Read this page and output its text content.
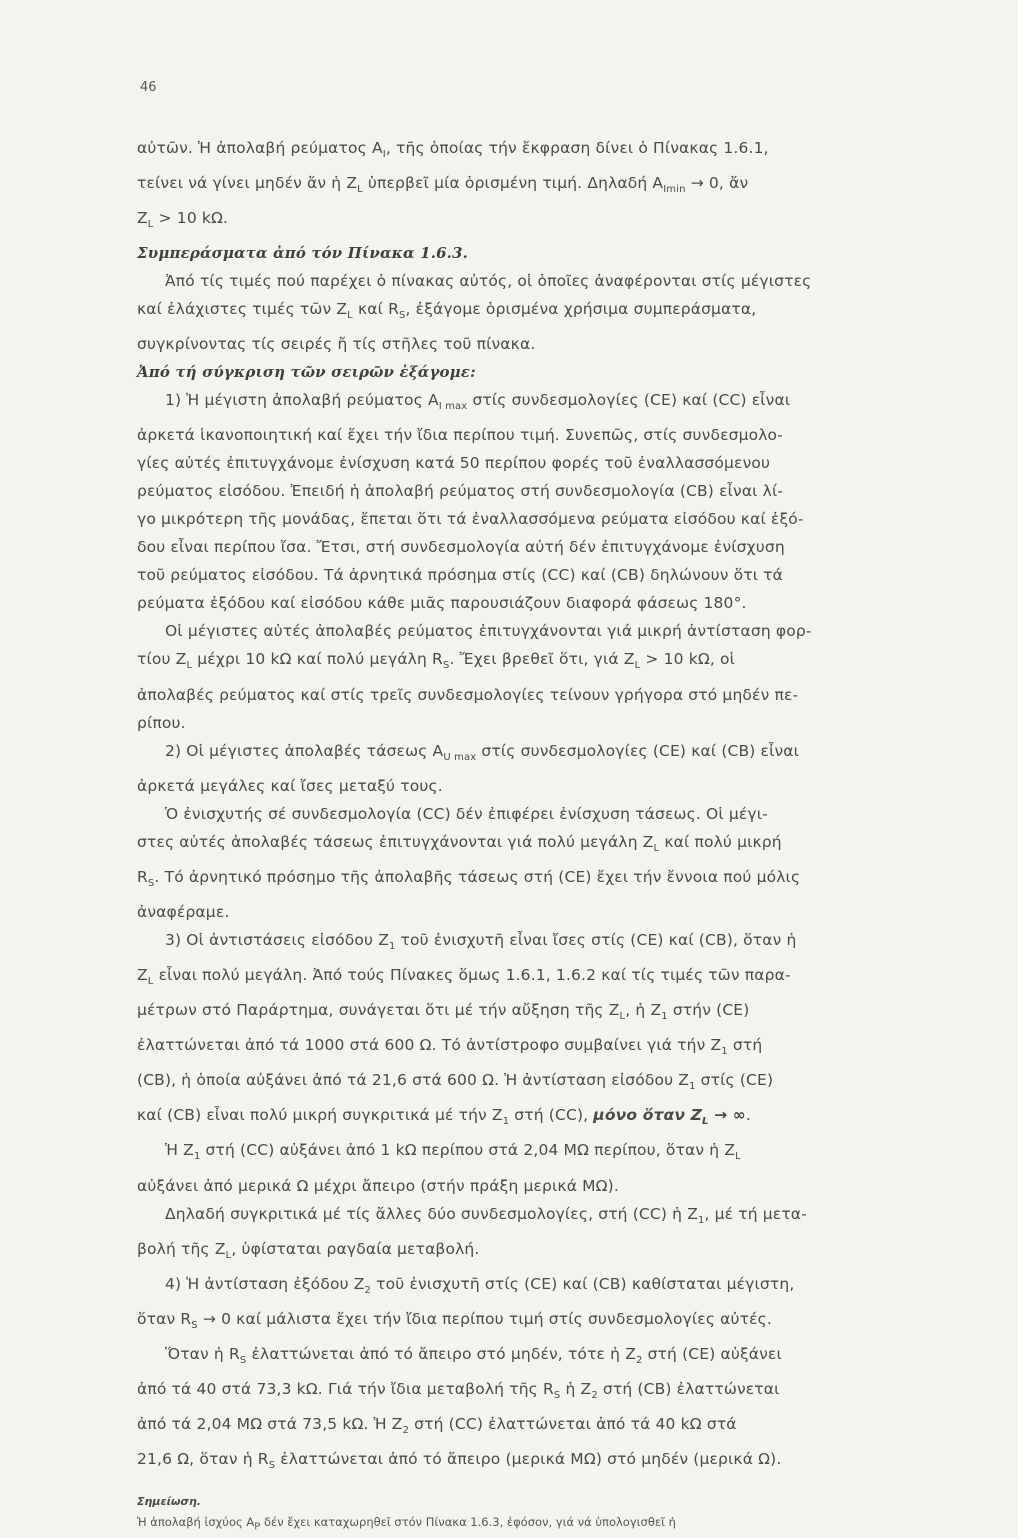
46
αὐτῶν. Ἡ ἀπολαβή ρεύματος $A_I$, τῆς ὁποίας τήν ἔκφραση δίνει ὁ Πίνακας 1.6.1,
τείνει νά γίνει μηδέν ἄν ἡ $Z_L$ ὑπερβεῖ μία ὁρισμένη τιμή. Δηλαδή $A_{Imin} \to 0$, ἄν
$Z_L > 10$ kΩ.
Συμπεράσματα ἀπό τόν Πίνακα 1.6.3.
Ἀπό τίς τιμές πού παρέχει ὁ πίνακας αὐτός, οἱ ὁποῖες ἀναφέρονται στίς μέγιστες
καί ἐλάχιστες τιμές τῶν $Z_L$ καί $R_S$, ἐξάγομε ὁρισμένα χρήσιμα συμπεράσματα,
συγκρίνοντας τίς σειρές ἤ τίς στῆλες τοῦ πίνακα.
Ἀπό τή σύγκριση τῶν σειρῶν ἐξάγομε:
1) Ἡ μέγιστη ἀπολαβή ρεύματος $A_{I max}$ στίς συνδεσμολογίες (CE) καί (CC) εἶναι
ἀρκετά ἱκανοποιητική καί ἔχει τήν ἴδια περίπου τιμή. Συνεπῶς, στίς συνδεσμολο-
γίες αὐτές ἐπιτυγχάνομε ἐνίσχυση κατά 50 περίπου φορές τοῦ ἐναλλασσόμενου
ρεύματος εἰσόδου. Ἐπειδή ἡ ἀπολαβή ρεύματος στή συνδεσμολογία (CB) εἶναι λί-
γο μικρότερη τῆς μονάδας, ἔπεται ὅτι τά ἐναλλασσόμενα ρεύματα εἰσόδου καί ἐξό-
δου εἶναι περίπου ἴσα. Ἔτσι, στή συνδεσμολογία αὐτή δέν ἐπιτυγχάνομε ἐνίσχυση
τοῦ ρεύματος εἰσόδου. Τά ἀρνητικά πρόσημα στίς (CC) καί (CB) δηλώνουν ὅτι τά
ρεύματα ἐξόδου καί εἰσόδου κάθε μιᾶς παρουσιάζουν διαφορά φάσεως 180°.
Οἱ μέγιστες αὐτές ἀπολαβές ρεύματος ἐπιτυγχάνονται γιά μικρή ἀντίσταση φορ-
τίου $Z_L$ μέχρι 10 kΩ καί πολύ μεγάλη $R_S$. Ἔχει βρεθεῖ ὅτι, γιά $Z_L > 10$ kΩ, οἱ
ἀπολαβές ρεύματος καί στίς τρεῖς συνδεσμολογίες τείνουν γρήγορα στό μηδέν πε-
ρίπου.
2) Οἱ μέγιστες ἀπολαβές τάσεως $A_{U max}$ στίς συνδεσμολογίες (CE) καί (CB) εἶναι
ἀρκετά μεγάλες καί ἴσες μεταξύ τους.
Ὁ ἐνισχυτής σέ συνδεσμολογία (CC) δέν ἐπιφέρει ἐνίσχυση τάσεως. Οἱ μέγι-
στες αὐτές ἀπολαβές τάσεως ἐπιτυγχάνονται γιά πολύ μεγάλη $Z_L$ καί πολύ μικρή
$R_S$. Τό ἀρνητικό πρόσημο τῆς ἀπολαβῆς τάσεως στή (CE) ἔχει τήν ἔννοια πού μόλις
ἀναφέραμε.
3) Οἱ ἀντιστάσεις εἰσόδου $Z_1$ τοῦ ἐνισχυτῆ εἶναι ἴσες στίς (CE) καί (CB), ὅταν ἡ
$Z_L$ εἶναι πολύ μεγάλη. Ἀπό τούς Πίνακες ὅμως 1.6.1, 1.6.2 καί τίς τιμές τῶν παρα-
μέτρων στό Παράρτημα, συνάγεται ὅτι μέ τήν αὔξηση τῆς $Z_L$, ἡ $Z_1$ στήν (CE)
ἐλαττώνεται ἀπό τά 1000 στά 600 Ω. Τό ἀντίστροφο συμβαίνει γιά τήν $Z_1$ στή
(CB), ἡ ὁποία αὐξάνει ἀπό τά 21,6 στά 600 Ω. Ἡ ἀντίσταση εἰσόδου $Z_1$ στίς (CE)
καί (CB) εἶναι πολύ μικρή συγκριτικά μέ τήν $Z_1$ στή (CC), μόνο ὅταν $Z_L$ → ∞.
Ἡ $Z_1$ στή (CC) αὐξάνει ἀπό 1 kΩ περίπου στά 2,04 MΩ περίπου, ὅταν ἡ $Z_L$
αὐξάνει ἀπό μερικά Ω μέχρι ἄπειρο (στήν πράξη μερικά MΩ).
Δηλαδή συγκριτικά μέ τίς ἄλλες δύο συνδεσμολογίες, στή (CC) ἡ $Z_1$, μέ τή μετα-
βολή τῆς $Z_L$, ὑφίσταται ραγδαία μεταβολή.
4) Ἡ ἀντίσταση ἐξόδου $Z_2$ τοῦ ἐνισχυτῆ στίς (CE) καί (CB) καθίσταται μέγιστη,
ὅταν $R_S \to 0$ καί μάλιστα ἔχει τήν ἴδια περίπου τιμή στίς συνδεσμολογίες αὐτές.
Ὅταν ἡ $R_S$ ἐλαττώνεται ἀπό τό ἄπειρο στό μηδέν, τότε ἡ $Z_2$ στή (CE) αὐξάνει
ἀπό τά 40 στά 73,3 kΩ. Γιά τήν ἴδια μεταβολή τῆς $R_S$ ἡ $Z_2$ στή (CB) ἐλαττώνεται
ἀπό τά 2,04 MΩ στά 73,5 kΩ. Ἡ $Z_2$ στή (CC) ἐλαττώνεται ἀπό τά 40 kΩ στά
21,6 Ω, ὅταν ἡ $R_S$ ἐλαττώνεται ἀπό τό ἄπειρο (μερικά MΩ) στό μηδέν (μερικά Ω).
Σημείωση.
Ἡ ἀπολαβή ἰσχύος $A_P$ δέν ἔχει καταχωρηθεῖ στόν Πίνακα 1.6.3, ἐφόσον, γιά νά ὑπολογισθεῖ ἡ
